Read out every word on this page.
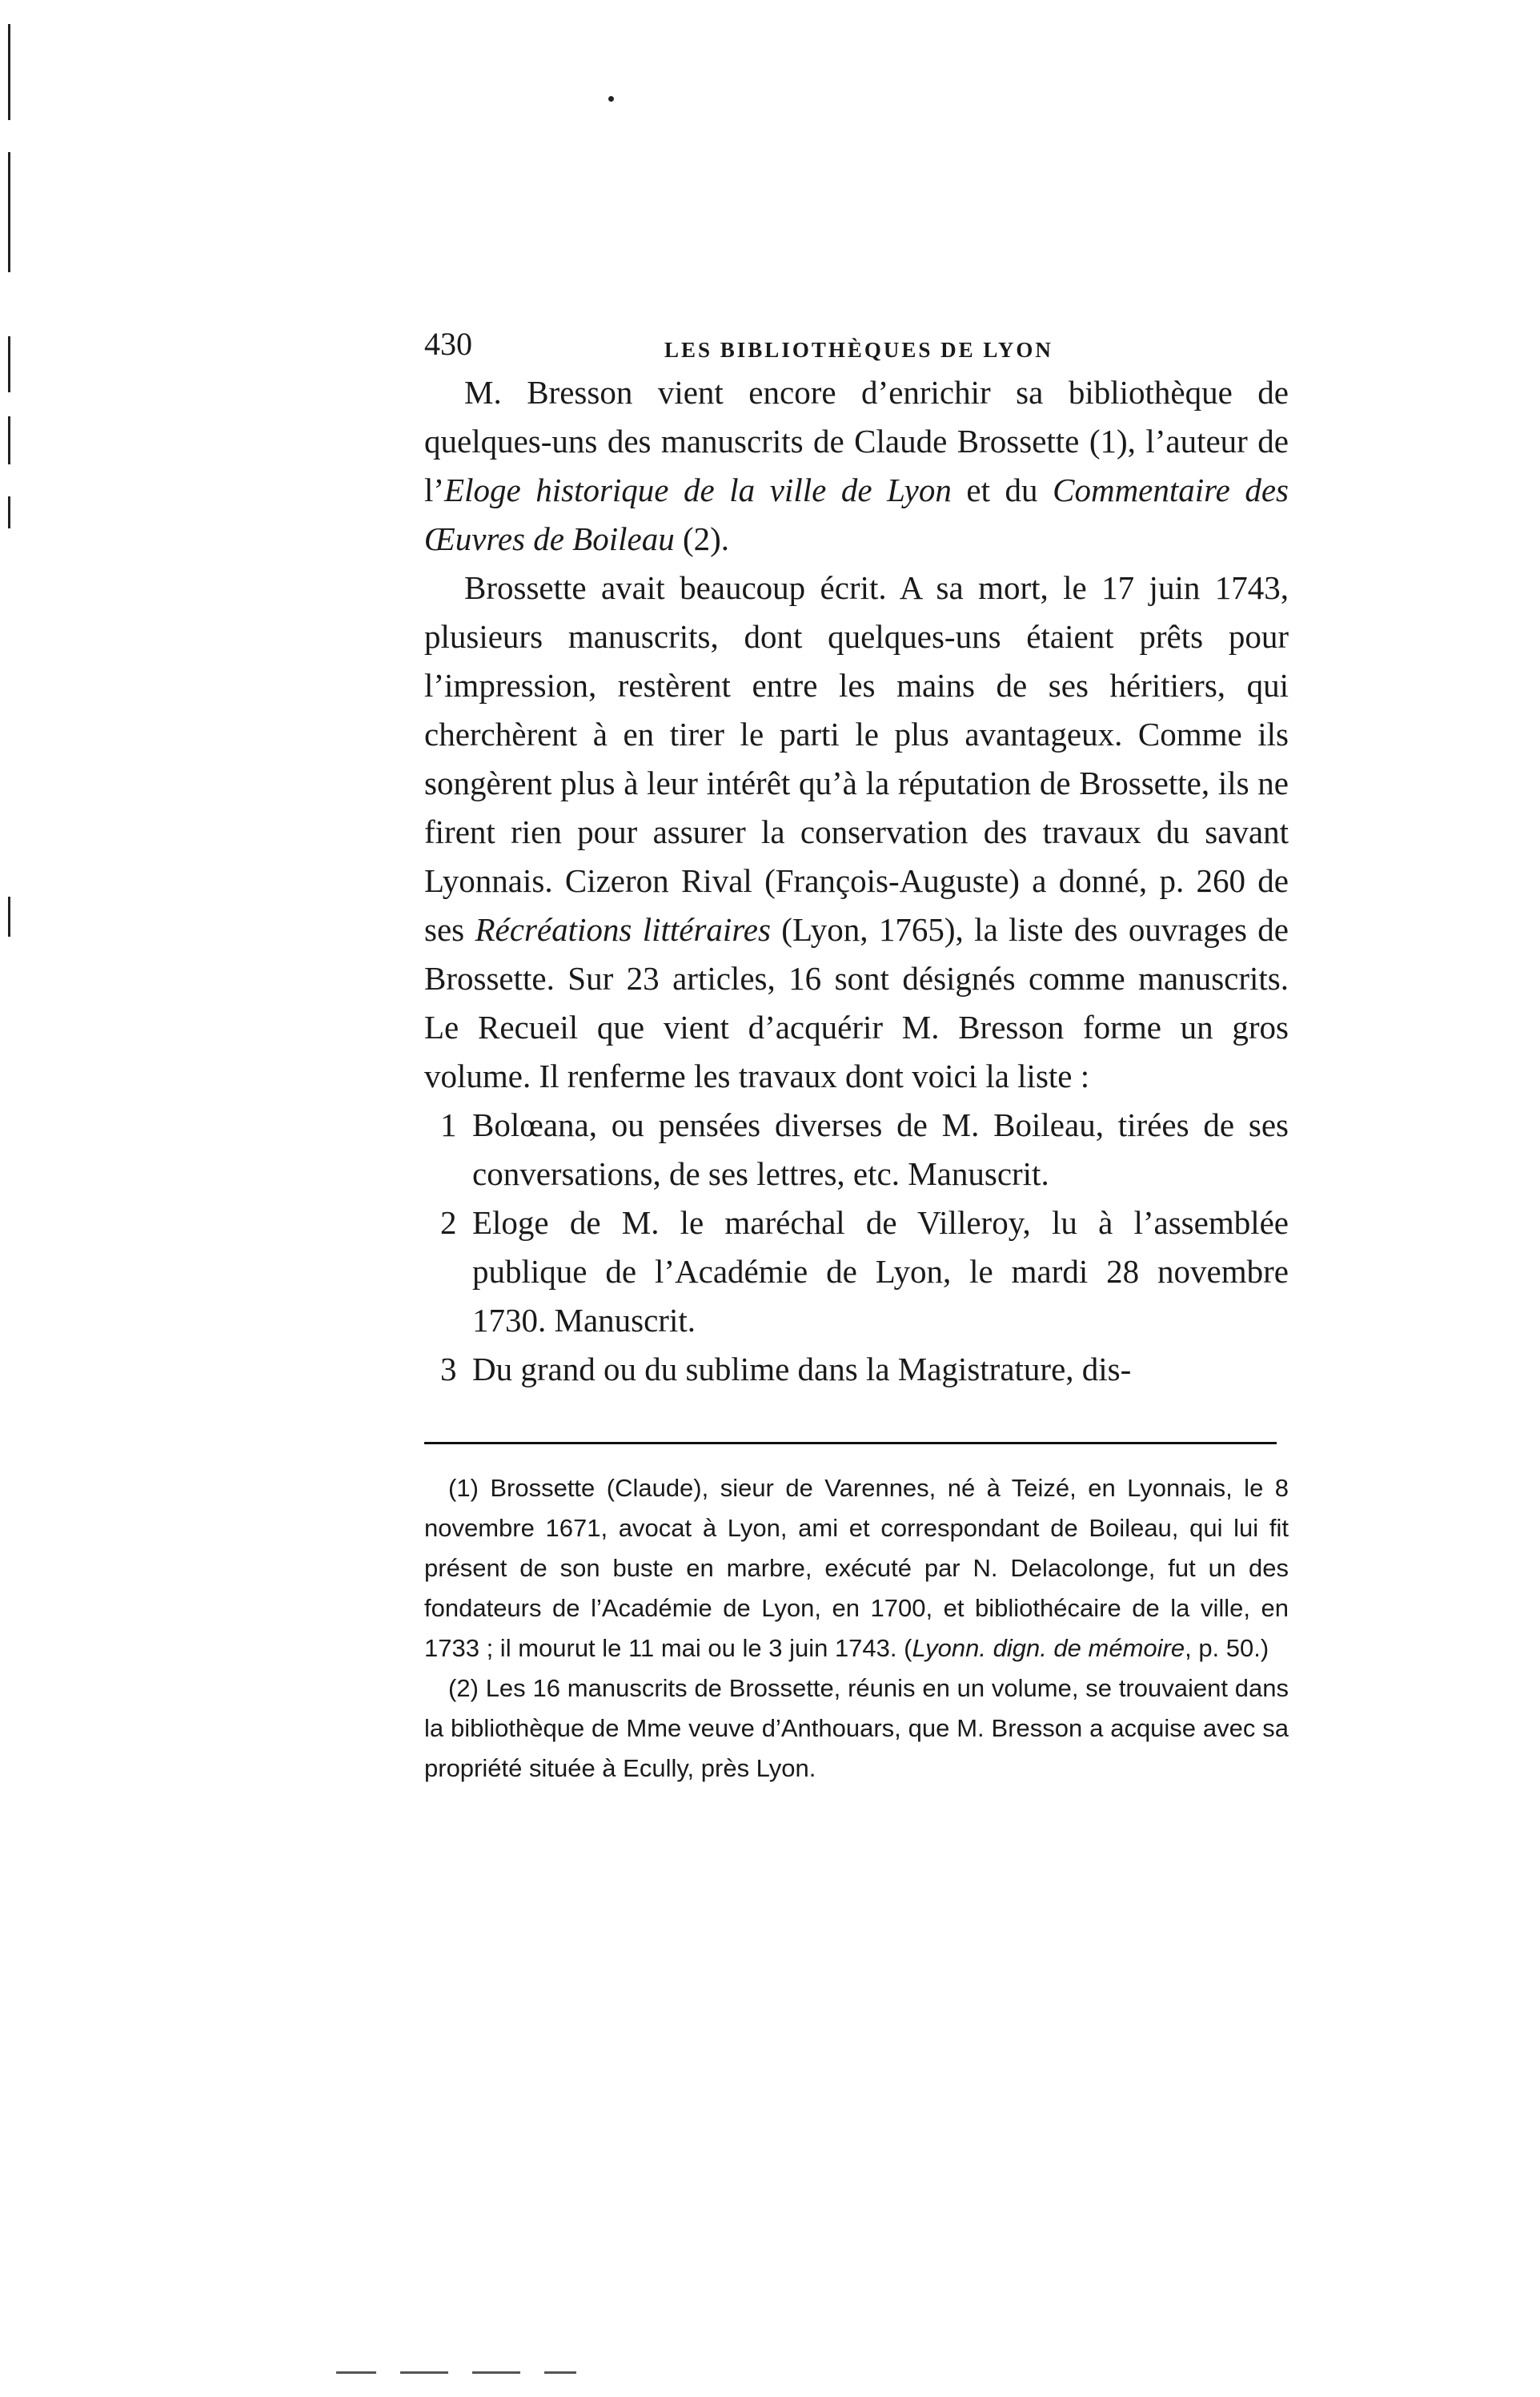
430	LES BIBLIOTHÈQUES DE LYON

M. Bresson vient encore d’enrichir sa bibliothèque de quelques-uns des manuscrits de Claude Brossette (1), l’auteur de l’Eloge historique de la ville de Lyon et du Commentaire des Œuvres de Boileau (2).

Brossette avait beaucoup écrit. A sa mort, le 17 juin 1743, plusieurs manuscrits, dont quelques-uns étaient prêts pour l’impression, restèrent entre les mains de ses héritiers, qui cherchèrent à en tirer le parti le plus avantageux. Comme ils songèrent plus à leur intérêt qu’à la réputation de Brossette, ils ne firent rien pour assurer la conservation des travaux du savant Lyonnais. Cizeron Rival (François-Auguste) a donné, p. 260 de ses Récréations littéraires (Lyon, 1765), la liste des ouvrages de Brossette. Sur 23 articles, 16 sont désignés comme manuscrits. Le Recueil que vient d’acquérir M. Bresson forme un gros volume. Il renferme les travaux dont voici la liste :

1 Bolœana, ou pensées diverses de M. Boileau, tirées de ses conversations, de ses lettres, etc. Manuscrit.
2 Eloge de M. le maréchal de Villeroy, lu à l’assemblée publique de l’Académie de Lyon, le mardi 28 novembre 1730. Manuscrit.
3 Du grand ou du sublime dans la Magistrature, dis-

(1) Brossette (Claude), sieur de Varennes, né à Teizé, en Lyonnais, le 8 novembre 1671, avocat à Lyon, ami et correspondant de Boileau, qui lui fit présent de son buste en marbre, exécuté par N. Delacolonge, fut un des fondateurs de l’Académie de Lyon, en 1700, et bibliothécaire de la ville, en 1733 ; il mourut le 11 mai ou le 3 juin 1743. (Lyonn. dign. de mémoire, p. 50.)

(2) Les 16 manuscrits de Brossette, réunis en un volume, se trouvaient dans la bibliothèque de Mme veuve d’Anthouars, que M. Bresson a acquise avec sa propriété située à Ecully, près Lyon.
